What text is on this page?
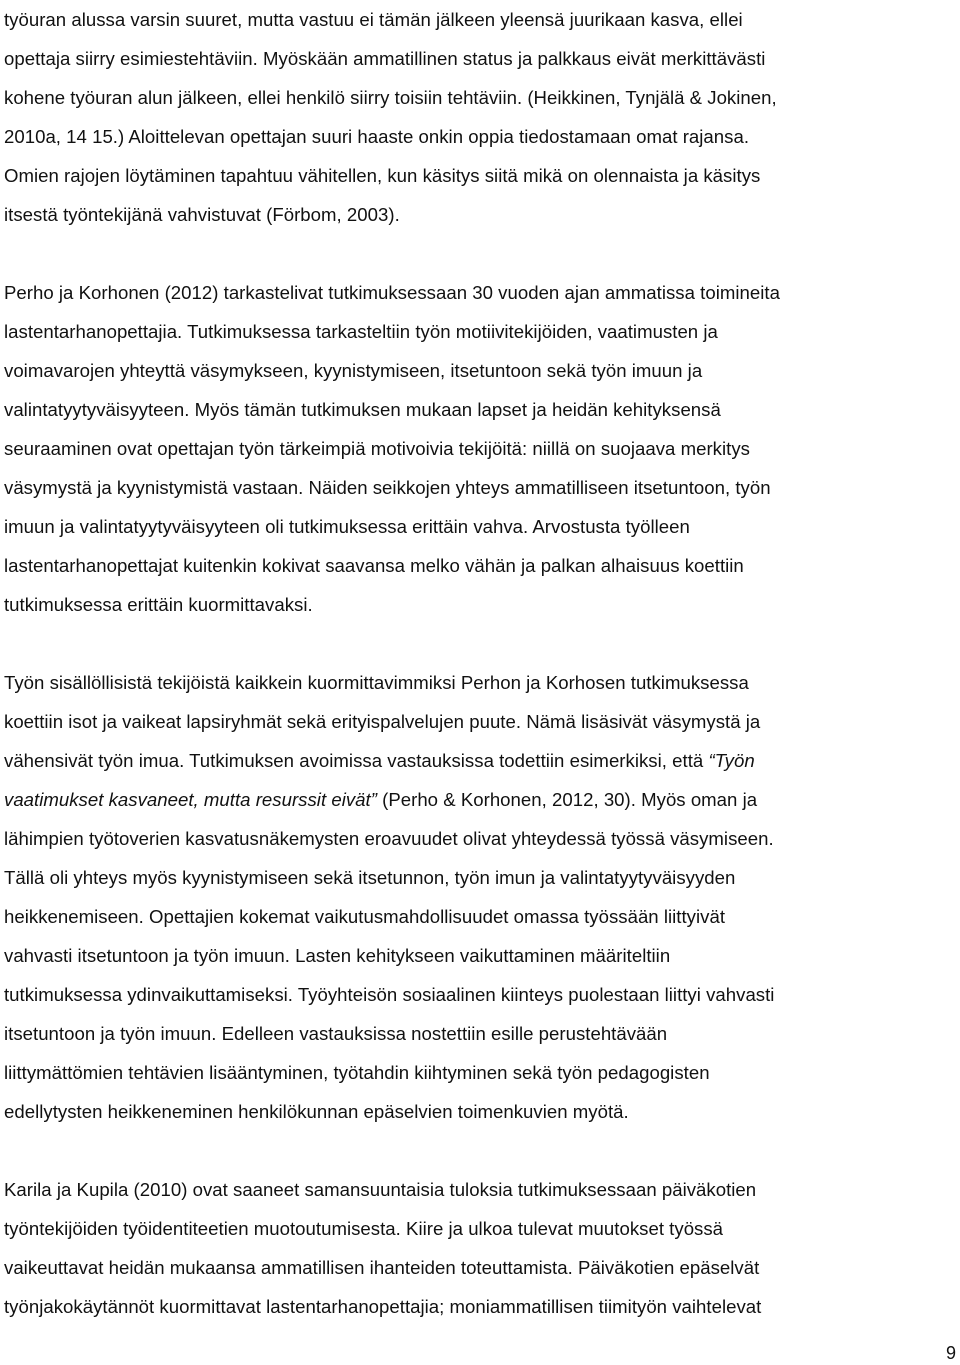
työuran alussa varsin suuret, mutta vastuu ei tämän jälkeen yleensä juurikaan kasva, ellei
opettaja siirry esimiestehtäviin. Myöskään ammatillinen status ja palkkaus eivät merkittävästi
kohene työuran alun jälkeen, ellei henkilö siirry toisiin tehtäviin. (Heikkinen, Tynjälä & Jokinen,
2010a, 14 15.) Aloittelevan opettajan suuri haaste onkin oppia tiedostamaan omat rajansa.
Omien rajojen löytäminen tapahtuu vähitellen, kun käsitys siitä mikä on olennaista ja käsitys
itsestä työntekijänä vahvistuvat (Förbom, 2003).
Perho ja Korhonen (2012) tarkastelivat tutkimuksessaan 30 vuoden ajan ammatissa toimineita
lastentarhanopettajia. Tutkimuksessa tarkasteltiin työn motiivitekijöiden, vaatimusten ja
voimavarojen yhteyttä väsymykseen, kyynistymiseen, itsetuntoon sekä työn imuun ja
valintatyytyväisyyteen. Myös tämän tutkimuksen mukaan lapset ja heidän kehityksensä
seuraaminen ovat opettajan työn tärkeimpiä motivoivia tekijöitä: niillä on suojaava merkitys
väsymystä ja kyynistymistä vastaan. Näiden seikkojen yhteys ammatilliseen itsetuntoon, työn
imuun ja valintatyytyväisyyteen oli tutkimuksessa erittäin vahva. Arvostusta työlleen
lastentarhanopettajat kuitenkin kokivat saavansa melko vähän ja palkan alhaisuus koettiin
tutkimuksessa erittäin kuormittavaksi.
Työn sisällöllisistä tekijöistä kaikkein kuormittavimmiksi Perhon ja Korhosen tutkimuksessa
koettiin isot ja vaikeat lapsiryhmät sekä erityispalvelujen puute. Nämä lisäsivät väsymystä ja
vähensivät työn imua. Tutkimuksen avoimissa vastauksissa todettiin esimerkiksi, että “Työn
vaatimukset kasvaneet, mutta resurssit eivät” (Perho & Korhonen, 2012, 30). Myös oman ja
lähimpien työtoverien kasvatusnäkemysten eroavuudet olivat yhteydessä työssä väsymiseen.
Tällä oli yhteys myös kyynistymiseen sekä itsetunnon, työn imun ja valintatyytyväisyyden
heikkenemiseen. Opettajien kokemat vaikutusmahdollisuudet omassa työssään liittyivät
vahvasti itsetuntoon ja työn imuun. Lasten kehitykseen vaikuttaminen määriteltiin
tutkimuksessa ydinvaikuttamiseksi. Työyhteisön sosiaalinen kiinteys puolestaan liittyi vahvasti
itsetuntoon ja työn imuun. Edelleen vastauksissa nostettiin esille perustehtävään
liittymättömien tehtävien lisääntyminen, työtahdin kiihtyminen sekä työn pedagogisten
edellytysten heikkeneminen henkilökunnan epäselvien toimenkuvien myötä.
Karila ja Kupila (2010) ovat saaneet samansuuntaisia tuloksia tutkimuksessaan päiväkotien
työntekijöiden työidentiteetien muotoutumisesta. Kiire ja ulkoa tulevat muutokset työssä
vaikeuttavat heidän mukaansa ammatillisen ihanteiden toteuttamista. Päiväkotien epäselvät
työnjakokäytännöt kuormittavat lastentarhanopettajia; moniammatillisen tiimityön vaihtelevat
9
